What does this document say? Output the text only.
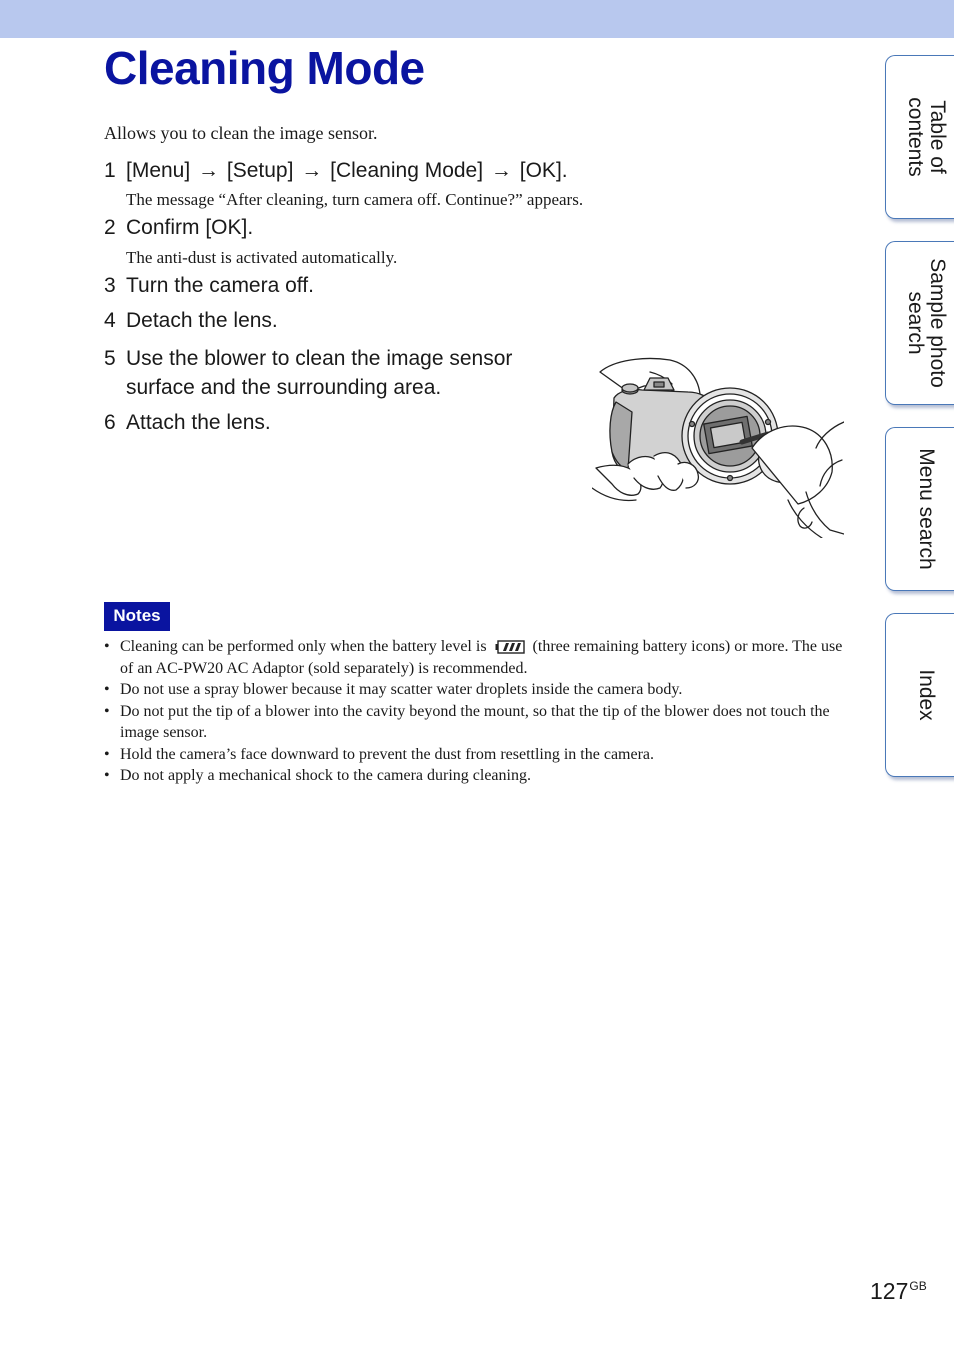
Cleaning Mode
Allows you to clean the image sensor.
1 [Menu] → [Setup] → [Cleaning Mode] → [OK].
The message “After cleaning, turn camera off. Continue?” appears.
2 Confirm [OK].
The anti-dust is activated automatically.
3 Turn the camera off.
4 Detach the lens.
5 Use the blower to clean the image sensor
surface and the surrounding area.
6 Attach the lens.
Notes
• Cleaning can be performed only when the battery level is	(three remaining battery icons) or more. The use of an AC-PW20 AC Adaptor (sold separately) is recommended.
• Do not use a spray blower because it may scatter water droplets inside the camera body.
• Do not put the tip of a blower into the cavity beyond the mount, so that the tip of the blower does not touch the image sensor.
• Hold the camera’s face downward to prevent the dust from resettling in the camera.
• Do not apply a mechanical shock to the camera during cleaning.
Table of
contents
Sample photo
search
Menu search
Index
$127^{GB}$
